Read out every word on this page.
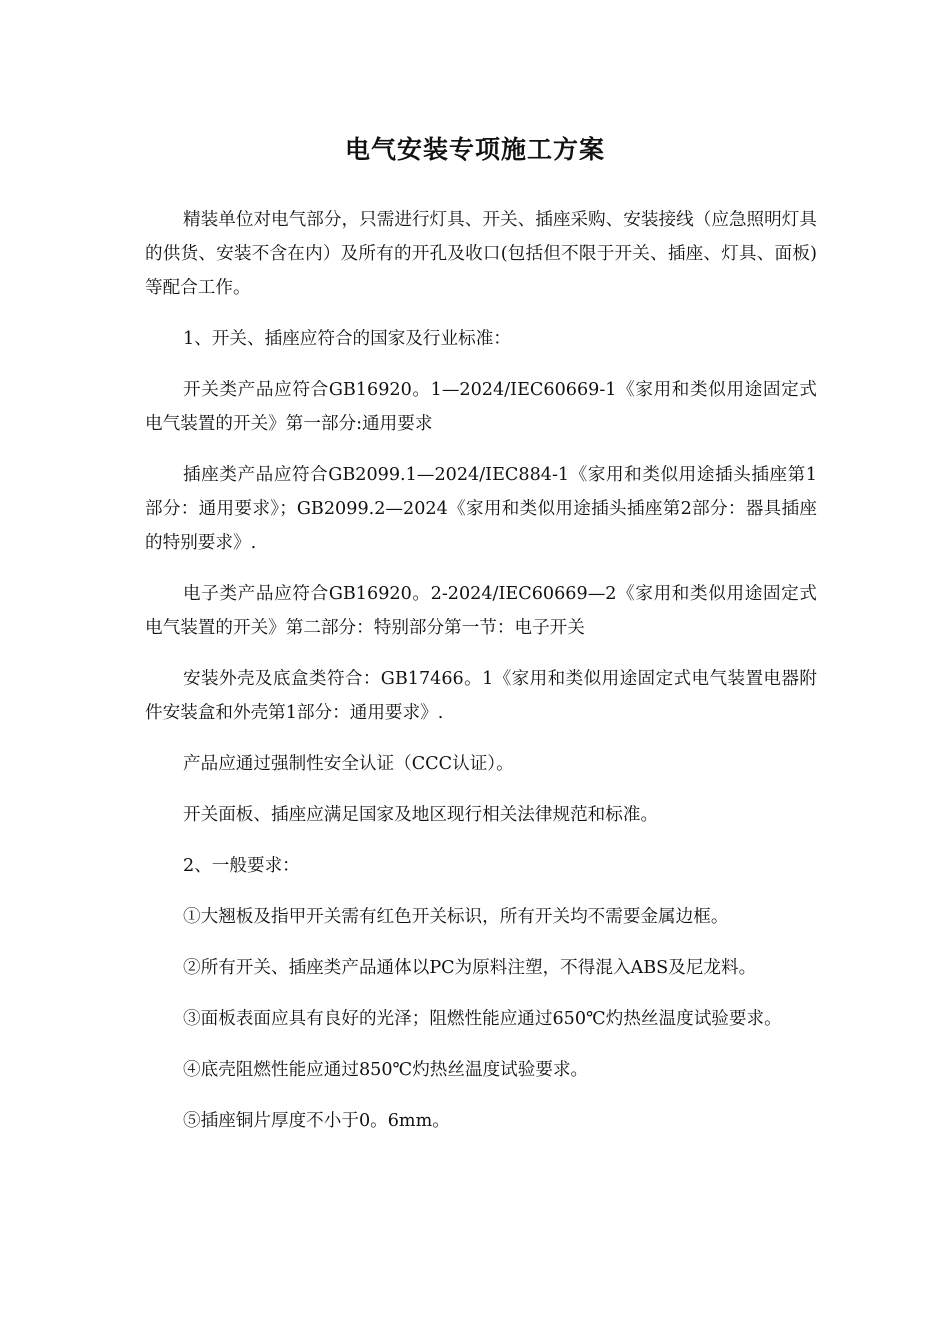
电气安装专项施工方案

精装单位对电气部分，只需进行灯具、开关、插座采购、安装接线（应急照明灯具的供货、安装不含在内）及所有的开孔及收口(包括但不限于开关、插座、灯具、面板)等配合工作。

1、开关、插座应符合的国家及行业标准：

开关类产品应符合GB16920。1—2024/IEC60669-1《家用和类似用途固定式电气装置的开关》第一部分:通用要求

插座类产品应符合GB2099.1—2024/IEC884-1《家用和类似用途插头插座第1部分：通用要求》；GB2099.2—2024《家用和类似用途插头插座第2部分：器具插座的特别要求》.

电子类产品应符合GB16920。2-2024/IEC60669—2《家用和类似用途固定式电气装置的开关》第二部分：特别部分第一节：电子开关

安装外壳及底盒类符合：GB17466。1《家用和类似用途固定式电气装置电器附件安装盒和外壳第1部分：通用要求》.

产品应通过强制性安全认证（CCC认证）。

开关面板、插座应满足国家及地区现行相关法律规范和标准。

2、一般要求：

①大翘板及指甲开关需有红色开关标识，所有开关均不需要金属边框。

②所有开关、插座类产品通体以PC为原料注塑，不得混入ABS及尼龙料。

③面板表面应具有良好的光泽；阻燃性能应通过650℃灼热丝温度试验要求。

④底壳阻燃性能应通过850℃灼热丝温度试验要求。

⑤插座铜片厚度不小于0。6mm。
